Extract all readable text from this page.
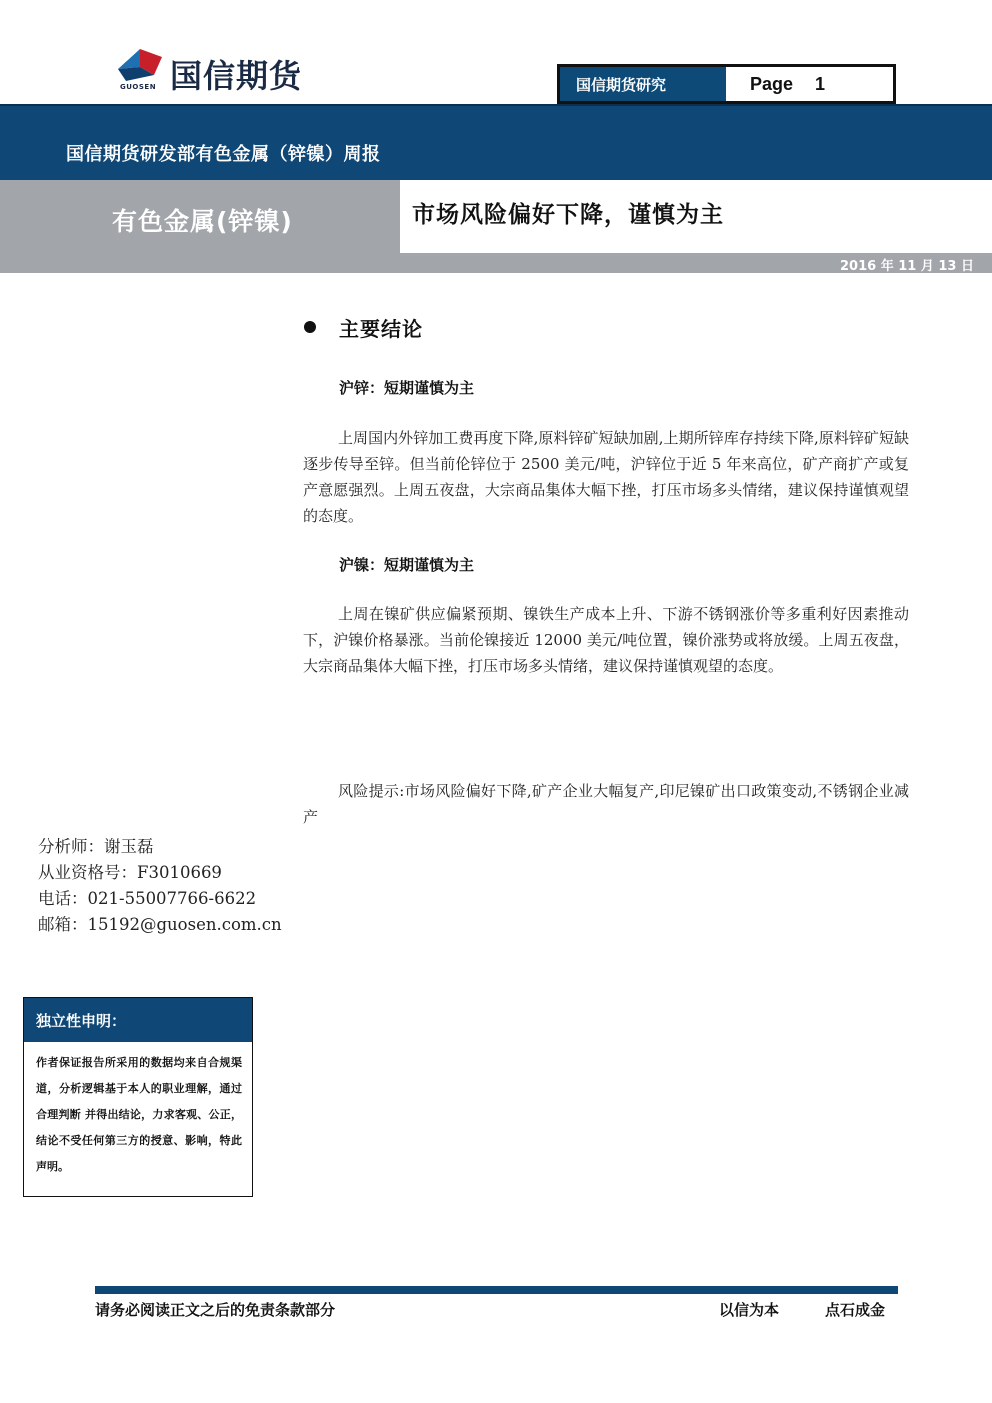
国信期货
GUOSEN	国信期货研究	Page 1
国信期货研发部有色金属（锌镍）周报
有色金属(锌镍)	市场风险偏好下降，谨慎为主
2016 年 11 月 13 日
主要结论
沪锌：短期谨慎为主
上周国内外锌加工费再度下降,原料锌矿短缺加剧,上期所锌库存持续下降,原料锌矿短缺逐步传导至锌。但当前伦锌位于 2500 美元/吨，沪锌位于近 5 年来高位，矿产商扩产或复产意愿强烈。上周五夜盘，大宗商品集体大幅下挫，打压市场多头情绪，建议保持谨慎观望的态度。
沪镍：短期谨慎为主
上周在镍矿供应偏紧预期、镍铁生产成本上升、下游不锈钢涨价等多重利好因素推动下，沪镍价格暴涨。当前伦镍接近 12000 美元/吨位置，镍价涨势或将放缓。上周五夜盘，大宗商品集体大幅下挫，打压市场多头情绪，建议保持谨慎观望的态度。
风险提示:市场风险偏好下降,矿产企业大幅复产,印尼镍矿出口政策变动,不锈钢企业减产
分析师：谢玉磊
从业资格号：F3010669
电话：021-55007766-6622
邮箱：15192@guosen.com.cn
独立性申明：
作者保证报告所采用的数据均来自合规渠道，分析逻辑基于本人的职业理解，通过合理判断 并得出结论，力求客观、公正，结论不受任何第三方的授意、影响，特此声明。
请务必阅读正文之后的免责条款部分	以信为本	点石成金
